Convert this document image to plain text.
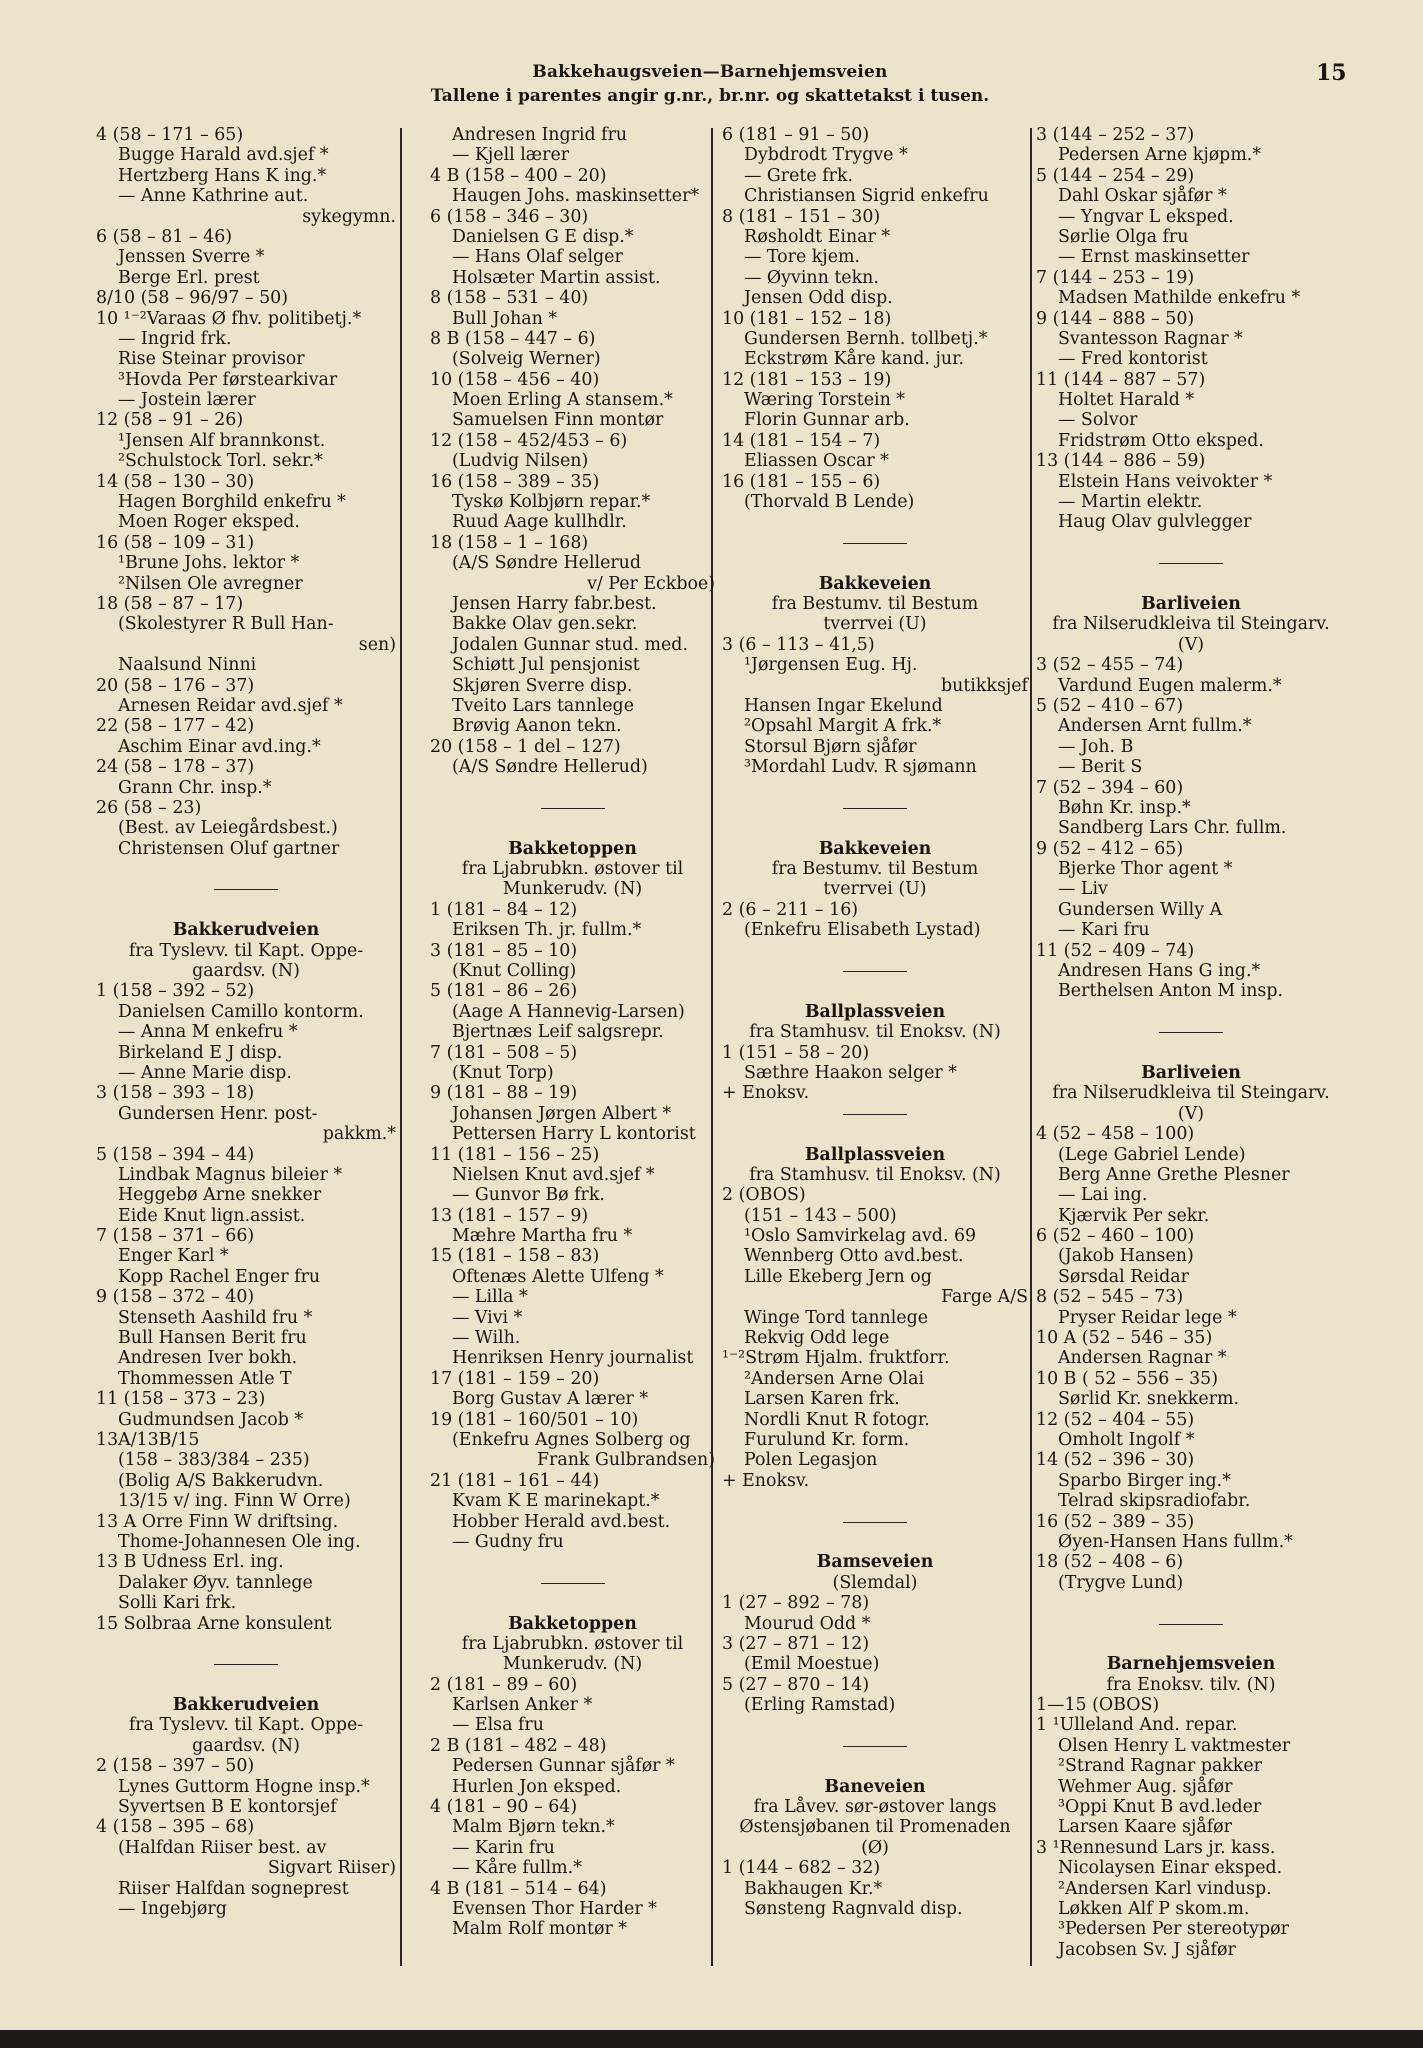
Bakkehaugsveien—Barnehjemsveien
Tallene i parentes angir g.nr., br.nr. og skattetakst i tusen.
15
4 (58 – 171 – 65)
Bugge Harald avd.sjef *
Hertzberg Hans K ing.*
— Anne Kathrine aut.
sykegymn.
6 (58 – 81 – 46)
Jenssen Sverre *
Berge Erl. prest
8/10 (58 – 96/97 – 50)
10 ¹⁻²Varaas Ø fhv. politibetj.*
— Ingrid frk.
Rise Steinar provisor
³Hovda Per førstearkivar
— Jostein lærer
12 (58 – 91 – 26)
¹Jensen Alf brannkonst.
²Schulstock Torl. sekr.*
14 (58 – 130 – 30)
Hagen Borghild enkefru *
Moen Roger eksped.
16 (58 – 109 – 31)
¹Brune Johs. lektor *
²Nilsen Ole avregner
18 (58 – 87 – 17)
(Skolestyrer R Bull Han-
sen)
Naalsund Ninni
20 (58 – 176 – 37)
Arnesen Reidar avd.sjef *
22 (58 – 177 – 42)
Aschim Einar avd.ing.*
24 (58 – 178 – 37)
Grann Chr. insp.*
26 (58 – 23)
(Best. av Leiegårdsbest.)
Christensen Oluf gartner
Bakkerudveien
fra Tyslevv. til Kapt. Oppe-
gaardsv. (N)
1 (158 – 392 – 52)
Danielsen Camillo kontorm.
— Anna M enkefru *
Birkeland E J disp.
— Anne Marie disp.
3 (158 – 393 – 18)
Gundersen Henr. post-
pakkm.*
5 (158 – 394 – 44)
Lindbak Magnus bileier *
Heggebø Arne snekker
Eide Knut lign.assist.
7 (158 – 371 – 66)
Enger Karl *
Kopp Rachel Enger fru
9 (158 – 372 – 40)
Stenseth Aashild fru *
Bull Hansen Berit fru
Andresen Iver bokh.
Thommessen Atle T
11 (158 – 373 – 23)
Gudmundsen Jacob *
13A/13B/15
(158 – 383/384 – 235)
(Bolig A/S Bakkerudvn.
13/15 v/ ing. Finn W Orre)
13 A Orre Finn W driftsing.
Thome-Johannesen Ole ing.
13 B Udness Erl. ing.
Dalaker Øyv. tannlege
Solli Kari frk.
15 Solbraa Arne konsulent
Bakkerudveien
fra Tyslevv. til Kapt. Oppe-
gaardsv. (N)
2 (158 – 397 – 50)
Lynes Guttorm Hogne insp.*
Syvertsen B E kontorsjef
4 (158 – 395 – 68)
(Halfdan Riiser best. av
Sigvart Riiser)
Riiser Halfdan sogneprest
— Ingebjørg
Andresen Ingrid fru
— Kjell lærer
4 B (158 – 400 – 20)
Haugen Johs. maskinsetter*
6 (158 – 346 – 30)
Danielsen G E disp.*
— Hans Olaf selger
Holsæter Martin assist.
8 (158 – 531 – 40)
Bull Johan *
8 B (158 – 447 – 6)
(Solveig Werner)
10 (158 – 456 – 40)
Moen Erling A stansem.*
Samuelsen Finn montør
12 (158 – 452/453 – 6)
(Ludvig Nilsen)
16 (158 – 389 – 35)
Tyskø Kolbjørn repar.*
Ruud Aage kullhdlr.
18 (158 – 1 – 168)
(A/S Søndre Hellerud
v/ Per Eckboe)
Jensen Harry fabr.best.
Bakke Olav gen.sekr.
Jodalen Gunnar stud. med.
Schiøtt Jul pensjonist
Skjøren Sverre disp.
Tveito Lars tannlege
Brøvig Aanon tekn.
20 (158 – 1 del – 127)
(A/S Søndre Hellerud)
Bakketoppen
fra Ljabrubkn. østover til
Munkerudv. (N)
1 (181 – 84 – 12)
Eriksen Th. jr. fullm.*
3 (181 – 85 – 10)
(Knut Colling)
5 (181 – 86 – 26)
(Aage A Hannevig-Larsen)
Bjertnæs Leif salgsrepr.
7 (181 – 508 – 5)
(Knut Torp)
9 (181 – 88 – 19)
Johansen Jørgen Albert *
Pettersen Harry L kontorist
11 (181 – 156 – 25)
Nielsen Knut avd.sjef *
— Gunvor Bø frk.
13 (181 – 157 – 9)
Mæhre Martha fru *
15 (181 – 158 – 83)
Oftenæs Alette Ulfeng *
— Lilla *
— Vivi *
— Wilh.
Henriksen Henry journalist
17 (181 – 159 – 20)
Borg Gustav A lærer *
19 (181 – 160/501 – 10)
(Enkefru Agnes Solberg og
Frank Gulbrandsen)
21 (181 – 161 – 44)
Kvam K E marinekapt.*
Hobber Herald avd.best.
— Gudny fru
Bakketoppen
fra Ljabrubkn. østover til
Munkerudv. (N)
2 (181 – 89 – 60)
Karlsen Anker *
— Elsa fru
2 B (181 – 482 – 48)
Pedersen Gunnar sjåfør *
Hurlen Jon eksped.
4 (181 – 90 – 64)
Malm Bjørn tekn.*
— Karin fru
— Kåre fullm.*
4 B (181 – 514 – 64)
Evensen Thor Harder *
Malm Rolf montør *
6 (181 – 91 – 50)
Dybdrodt Trygve *
— Grete frk.
Christiansen Sigrid enkefru
8 (181 – 151 – 30)
Røsholdt Einar *
— Tore kjem.
— Øyvinn tekn.
Jensen Odd disp.
10 (181 – 152 – 18)
Gundersen Bernh. tollbetj.*
Eckstrøm Kåre kand. jur.
12 (181 – 153 – 19)
Wæring Torstein *
Florin Gunnar arb.
14 (181 – 154 – 7)
Eliassen Oscar *
16 (181 – 155 – 6)
(Thorvald B Lende)
Bakkeveien
fra Bestumv. til Bestum
tverrvei (U)
3 (6 – 113 – 41,5)
¹Jørgensen Eug. Hj.
butikksjef
Hansen Ingar Ekelund
²Opsahl Margit A frk.*
Storsul Bjørn sjåfør
³Mordahl Ludv. R sjømann
Bakkeveien
fra Bestumv. til Bestum
tverrvei (U)
2 (6 – 211 – 16)
(Enkefru Elisabeth Lystad)
Ballplassveien
fra Stamhusv. til Enoksv. (N)
1 (151 – 58 – 20)
Sæthre Haakon selger *
+ Enoksv.
Ballplassveien
fra Stamhusv. til Enoksv. (N)
2 (OBOS)
(151 – 143 – 500)
¹Oslo Samvirkelag avd. 69
Wennberg Otto avd.best.
Lille Ekeberg Jern og
Farge A/S
Winge Tord tannlege
Rekvig Odd lege
¹⁻²Strøm Hjalm. fruktforr.
²Andersen Arne Olai
Larsen Karen frk.
Nordli Knut R fotogr.
Furulund Kr. form.
Polen Legasjon
+ Enoksv.
Bamseveien
(Slemdal)
1 (27 – 892 – 78)
Mourud Odd *
3 (27 – 871 – 12)
(Emil Moestue)
5 (27 – 870 – 14)
(Erling Ramstad)
Baneveien
fra Låvev. sør-østover langs
Østensjøbanen til Promenaden
(Ø)
1 (144 – 682 – 32)
Bakhaugen Kr.*
Sønsteng Ragnvald disp.
3 (144 – 252 – 37)
Pedersen Arne kjøpm.*
5 (144 – 254 – 29)
Dahl Oskar sjåfør *
— Yngvar L eksped.
Sørlie Olga fru
— Ernst maskinsetter
7 (144 – 253 – 19)
Madsen Mathilde enkefru *
9 (144 – 888 – 50)
Svantesson Ragnar *
— Fred kontorist
11 (144 – 887 – 57)
Holtet Harald *
— Solvor
Fridstrøm Otto eksped.
13 (144 – 886 – 59)
Elstein Hans veivokter *
— Martin elektr.
Haug Olav gulvlegger
Barliveien
fra Nilserudkleiva til Steingarv.
(V)
3 (52 – 455 – 74)
Vardund Eugen malerm.*
5 (52 – 410 – 67)
Andersen Arnt fullm.*
— Joh. B
— Berit S
7 (52 – 394 – 60)
Bøhn Kr. insp.*
Sandberg Lars Chr. fullm.
9 (52 – 412 – 65)
Bjerke Thor agent *
— Liv
Gundersen Willy A
— Kari fru
11 (52 – 409 – 74)
Andresen Hans G ing.*
Berthelsen Anton M insp.
Barliveien
fra Nilserudkleiva til Steingarv.
(V)
4 (52 – 458 – 100)
(Lege Gabriel Lende)
Berg Anne Grethe Plesner
— Lai ing.
Kjærvik Per sekr.
6 (52 – 460 – 100)
(Jakob Hansen)
Sørsdal Reidar
8 (52 – 545 – 73)
Pryser Reidar lege *
10 A (52 – 546 – 35)
Andersen Ragnar *
10 B ( 52 – 556 – 35)
Sørlid Kr. snekkerm.
12 (52 – 404 – 55)
Omholt Ingolf *
14 (52 – 396 – 30)
Sparbo Birger ing.*
Telrad skipsradiofabr.
16 (52 – 389 – 35)
Øyen-Hansen Hans fullm.*
18 (52 – 408 – 6)
(Trygve Lund)
Barnehjemsveien
fra Enoksv. tilv. (N)
1—15 (OBOS)
1 ¹Ulleland And. repar.
Olsen Henry L vaktmester
²Strand Ragnar pakker
Wehmer Aug. sjåfør
³Oppi Knut B avd.leder
Larsen Kaare sjåfør
3 ¹Rennesund Lars jr. kass.
Nicolaysen Einar eksped.
²Andersen Karl vindusp.
Løkken Alf P skom.m.
³Pedersen Per stereotypør
Jacobsen Sv. J sjåfør
